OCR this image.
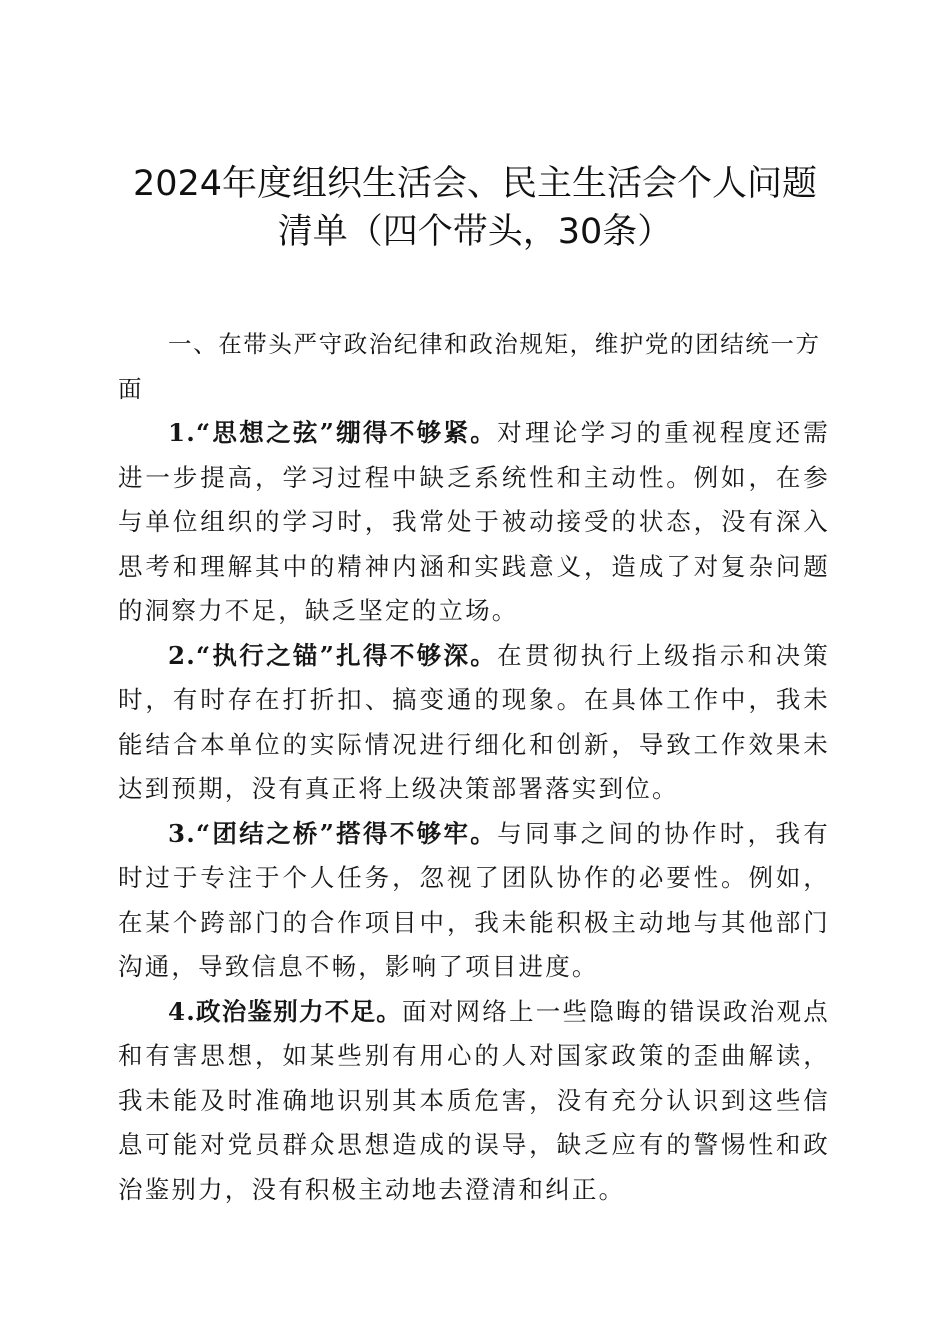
2024年度组织生活会、民主生活会个人问题
清单（四个带头，30条）

一、在带头严守政治纪律和政治规矩，维护党的团结统一方面

1.“思想之弦”绷得不够紧。对理论学习的重视程度还需进一步提高，学习过程中缺乏系统性和主动性。例如，在参与单位组织的学习时，我常处于被动接受的状态，没有深入思考和理解其中的精神内涵和实践意义，造成了对复杂问题的洞察力不足，缺乏坚定的立场。

2.“执行之锚”扎得不够深。在贯彻执行上级指示和决策时，有时存在打折扣、搞变通的现象。在具体工作中，我未能结合本单位的实际情况进行细化和创新，导致工作效果未达到预期，没有真正将上级决策部署落实到位。

3.“团结之桥”搭得不够牢。与同事之间的协作时，我有时过于专注于个人任务，忽视了团队协作的必要性。例如，在某个跨部门的合作项目中，我未能积极主动地与其他部门沟通，导致信息不畅，影响了项目进度。

4.政治鉴别力不足。面对网络上一些隐晦的错误政治观点和有害思想，如某些别有用心的人对国家政策的歪曲解读，我未能及时准确地识别其本质危害，没有充分认识到这些信息可能对党员群众思想造成的误导，缺乏应有的警惕性和政治鉴别力，没有积极主动地去澄清和纠正。
